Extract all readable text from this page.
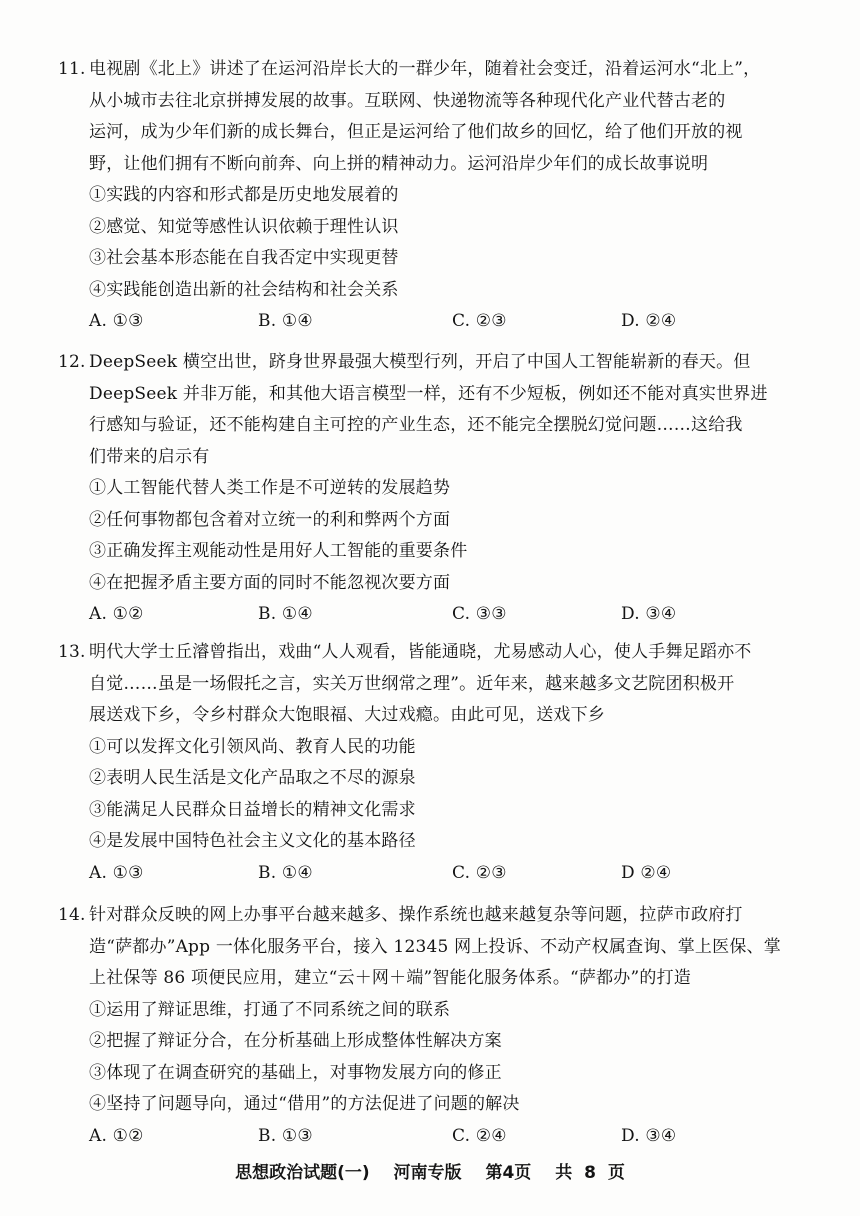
11. 电视剧《北上》讲述了在运河沿岸长大的一群少年，随着社会变迁，沿着运河水“北上”，
从小城市去往北京拼搏发展的故事。互联网、快递物流等各种现代化产业代替古老的
运河，成为少年们新的成长舞台，但正是运河给了他们故乡的回忆，给了他们开放的视
野，让他们拥有不断向前奔、向上拼的精神动力。运河沿岸少年们的成长故事说明
①实践的内容和形式都是历史地发展着的
②感觉、知觉等感性认识依赖于理性认识
③社会基本形态能在自我否定中实现更替
④实践能创造出新的社会结构和社会关系
A. ①③	B. ①④	C. ②③	D. ②④
12. DeepSeek 横空出世，跻身世界最强大模型行列，开启了中国人工智能崭新的春天。但
DeepSeek 并非万能，和其他大语言模型一样，还有不少短板，例如还不能对真实世界进
行感知与验证，还不能构建自主可控的产业生态，还不能完全摆脱幻觉问题……这给我
们带来的启示有
①人工智能代替人类工作是不可逆转的发展趋势
②任何事物都包含着对立统一的利和弊两个方面
③正确发挥主观能动性是用好人工智能的重要条件
④在把握矛盾主要方面的同时不能忽视次要方面
A. ①②	B. ①④	C. ③③	D. ③④
13. 明代大学士丘濬曾指出，戏曲“人人观看，皆能通晓，尤易感动人心，使人手舞足蹈亦不
自觉……虽是一场假托之言，实关万世纲常之理”。近年来，越来越多文艺院团积极开
展送戏下乡，令乡村群众大饱眼福、大过戏瘾。由此可见，送戏下乡
①可以发挥文化引领风尚、教育人民的功能
②表明人民生活是文化产品取之不尽的源泉
③能满足人民群众日益增长的精神文化需求
④是发展中国特色社会主义文化的基本路径
A. ①③	B. ①④	C. ②③	D ②④
14. 针对群众反映的网上办事平台越来越多、操作系统也越来越复杂等问题，拉萨市政府打
造“萨都办”App 一体化服务平台，接入 12345 网上投诉、不动产权属查询、掌上医保、掌
上社保等 86 项便民应用，建立“云＋网＋端”智能化服务体系。“萨都办”的打造
①运用了辩证思维，打通了不同系统之间的联系
②把握了辩证分合，在分析基础上形成整体性解决方案
③体现了在调查研究的基础上，对事物发展方向的修正
④坚持了问题导向，通过“借用”的方法促进了问题的解决
A. ①②	B. ①③	C. ②④	D. ③④
思想政治试题(一) 河南专版 第4页 共 8 页
